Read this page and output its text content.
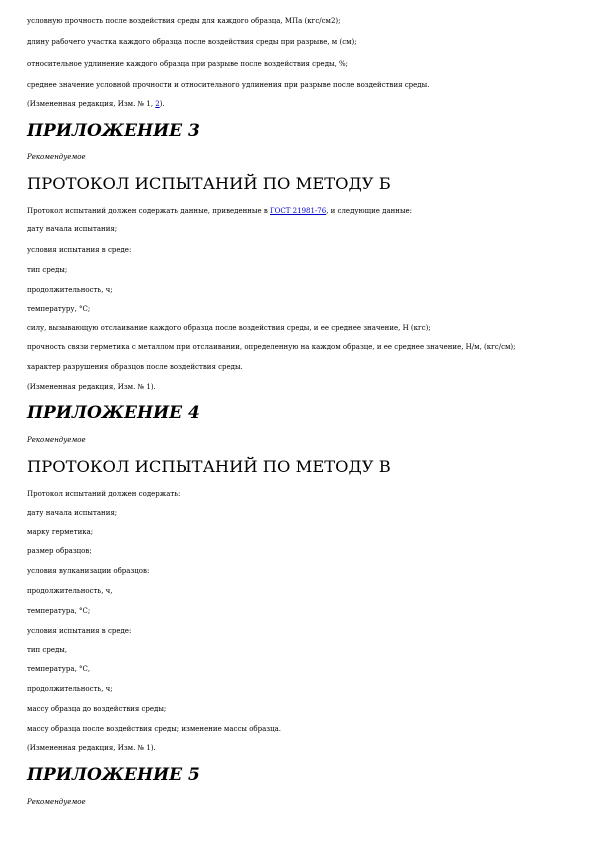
условную прочность после воздействия среды для каждого образца, МПа (кгс/см2);
длину рабочего участка каждого образца после воздействия среды при разрыве, м (см);
относительное удлинение каждого образца при разрыве после воздействия среды, %;
среднее значение условной прочности и относительного удлинения при разрыве после воздействия среды.
(Измененная редакция, Изм. № 1, 2).
ПРИЛОЖЕНИЕ 3
Рекомендуемое
ПРОТОКОЛ ИСПЫТАНИЙ ПО МЕТОДУ Б
Протокол испытаний должен содержать данные, приведенные в ГОСТ 21981-76, и следующие данные:
дату начала испытания;
условия испытания в среде:
тип среды;
продолжительность, ч;
температуру, °С;
силу, вызывающую отслаивание каждого образца после воздействия среды, и ее среднее значение, Н (кгс);
прочность связи герметика с металлом при отслаивании, определенную на каждом образце, и ее среднее значение, Н/м, (кгс/см);
характер разрушения образцов после воздействия среды.
(Измененная редакция, Изм. № 1).
ПРИЛОЖЕНИЕ 4
Рекомендуемое
ПРОТОКОЛ ИСПЫТАНИЙ ПО МЕТОДУ В
Протокол испытаний должен содержать:
дату начала испытания;
марку герметика;
размер образцов;
условия вулканизации образцов:
продолжительность, ч,
температура, °С;
условия испытания в среде:
тип среды,
температура, °С,
продолжительность, ч;
массу образца до воздействия среды;
массу образца после воздействия среды; изменение массы образца.
(Измененная редакция, Изм. № 1).
ПРИЛОЖЕНИЕ 5
Рекомендуемое
